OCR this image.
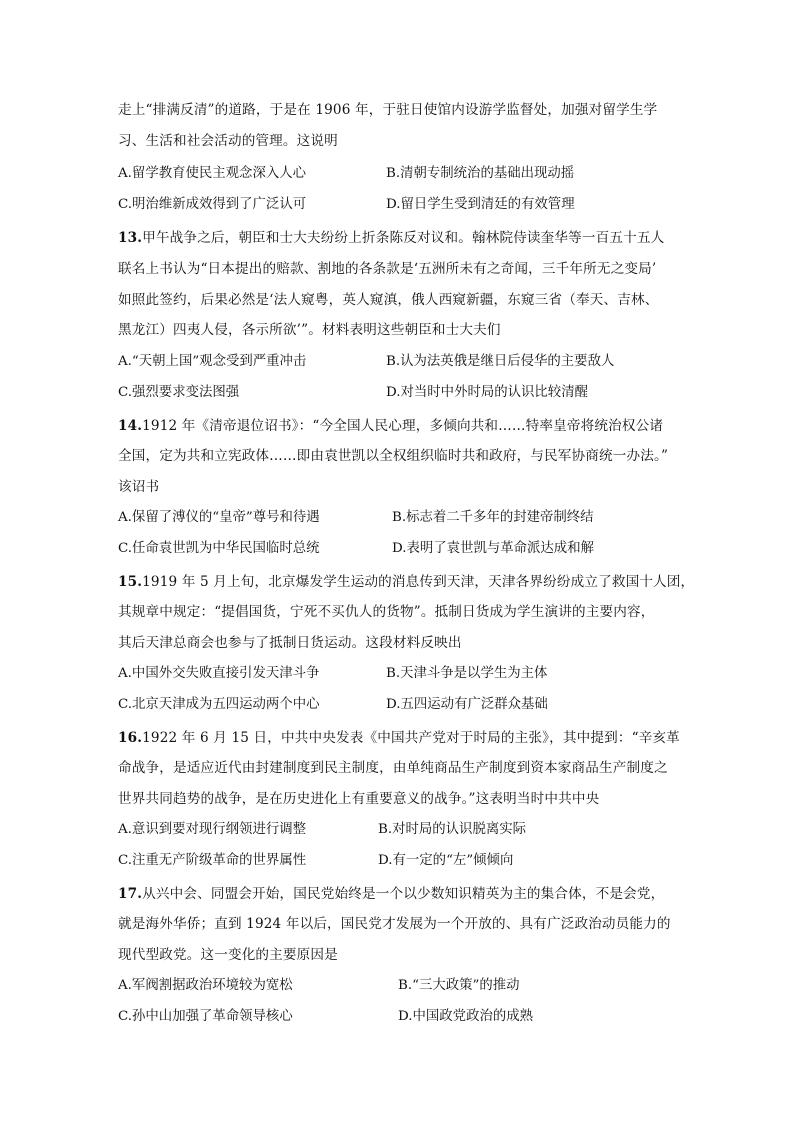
走上“排满反清”的道路，于是在 1906 年，于驻日使馆内设游学监督处，加强对留学生学
习、生活和社会活动的管理。这说明
A.留学教育使民主观念深入人心	B.清朝专制统治的基础出现动摇
C.明治维新成效得到了广泛认可	D.留日学生受到清廷的有效管理
13.甲午战争之后，朝臣和士大夫纷纷上折条陈反对议和。翰林院侍读奎华等一百五十五人
联名上书认为“日本提出的赔款、割地的各条款是‘五洲所未有之奇闻，三千年所无之变局’
如照此签约，后果必然是‘法人窥粤，英人窥滇，俄人西窥新疆，东窥三省（奉天、吉林、
黑龙江）四夷人侵，各示所欲’”。材料表明这些朝臣和士大夫们
A.“天朝上国”观念受到严重冲击	B.认为法英俄是继日后侵华的主要敌人
C.强烈要求变法图强	D.对当时中外时局的认识比较清醒
14.1912 年《清帝退位诏书》：“今全国人民心理，多倾向共和……特率皇帝将统治权公诸
全国，定为共和立宪政体……即由袁世凯以全权组织临时共和政府，与民军协商统一办法。”
该诏书
A.保留了溥仪的“皇帝”尊号和待遇	B.标志着二千多年的封建帝制终结
C.任命袁世凯为中华民国临时总统	D.表明了袁世凯与革命派达成和解
15.1919 年 5 月上旬，北京爆发学生运动的消息传到天津，天津各界纷纷成立了救国十人团，
其规章中规定：“提倡国货，宁死不买仇人的货物”。抵制日货成为学生演讲的主要内容，
其后天津总商会也参与了抵制日货运动。这段材料反映出
A.中国外交失败直接引发天津斗争	B.天津斗争是以学生为主体
C.北京天津成为五四运动两个中心	D.五四运动有广泛群众基础
16.1922 年 6 月 15 日，中共中央发表《中国共产党对于时局的主张》，其中提到：“辛亥革
命战争，是适应近代由封建制度到民主制度，由单纯商品生产制度到资本家商品生产制度之
世界共同趋势的战争，是在历史进化上有重要意义的战争。”这表明当时中共中央
A.意识到要对现行纲领进行调整	B.对时局的认识脱离实际
C.注重无产阶级革命的世界属性	D.有一定的“左”倾倾向
17.从兴中会、同盟会开始，国民党始终是一个以少数知识精英为主的集合体，不是会党，
就是海外华侨；直到 1924 年以后，国民党才发展为一个开放的、具有广泛政治动员能力的
现代型政党。这一变化的主要原因是
A.军阀割据政治环境较为宽松	B.“三大政策”的推动
C.孙中山加强了革命领导核心	D.中国政党政治的成熟
